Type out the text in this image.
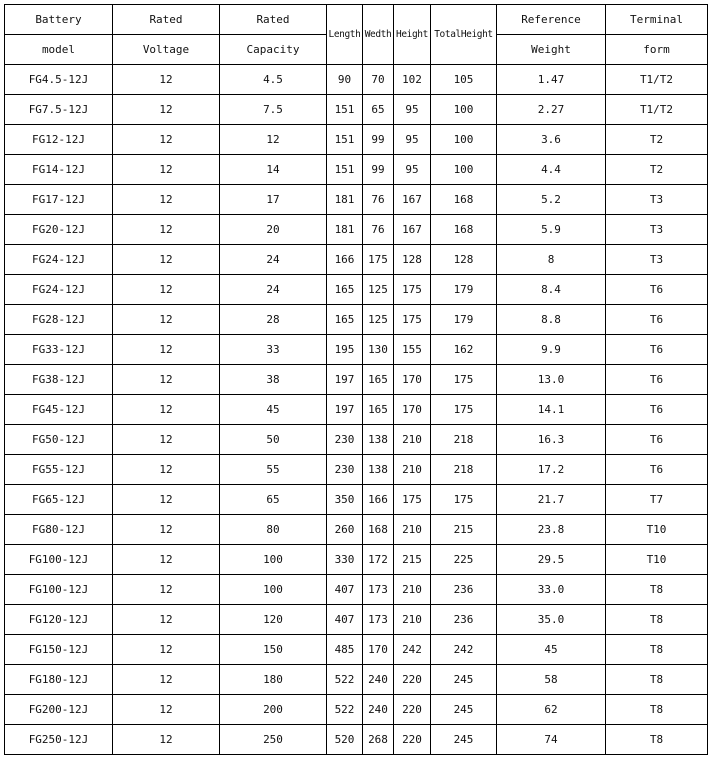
Battery	Rated	Rated	Length	Wedth	Height	TotalHeight	Reference	Terminal
model	Voltage	Capacity					Weight	form
FG4.5-12J	12	4.5	90	70	102	105	1.47	T1/T2
FG7.5-12J	12	7.5	151	65	95	100	2.27	T1/T2
FG12-12J	12	12	151	99	95	100	3.6	T2
FG14-12J	12	14	151	99	95	100	4.4	T2
FG17-12J	12	17	181	76	167	168	5.2	T3
FG20-12J	12	20	181	76	167	168	5.9	T3
FG24-12J	12	24	166	175	128	128	8	T3
FG24-12J	12	24	165	125	175	179	8.4	T6
FG28-12J	12	28	165	125	175	179	8.8	T6
FG33-12J	12	33	195	130	155	162	9.9	T6
FG38-12J	12	38	197	165	170	175	13.0	T6
FG45-12J	12	45	197	165	170	175	14.1	T6
FG50-12J	12	50	230	138	210	218	16.3	T6
FG55-12J	12	55	230	138	210	218	17.2	T6
FG65-12J	12	65	350	166	175	175	21.7	T7
FG80-12J	12	80	260	168	210	215	23.8	T10
FG100-12J	12	100	330	172	215	225	29.5	T10
FG100-12J	12	100	407	173	210	236	33.0	T8
FG120-12J	12	120	407	173	210	236	35.0	T8
FG150-12J	12	150	485	170	242	242	45	T8
FG180-12J	12	180	522	240	220	245	58	T8
FG200-12J	12	200	522	240	220	245	62	T8
FG250-12J	12	250	520	268	220	245	74	T8
